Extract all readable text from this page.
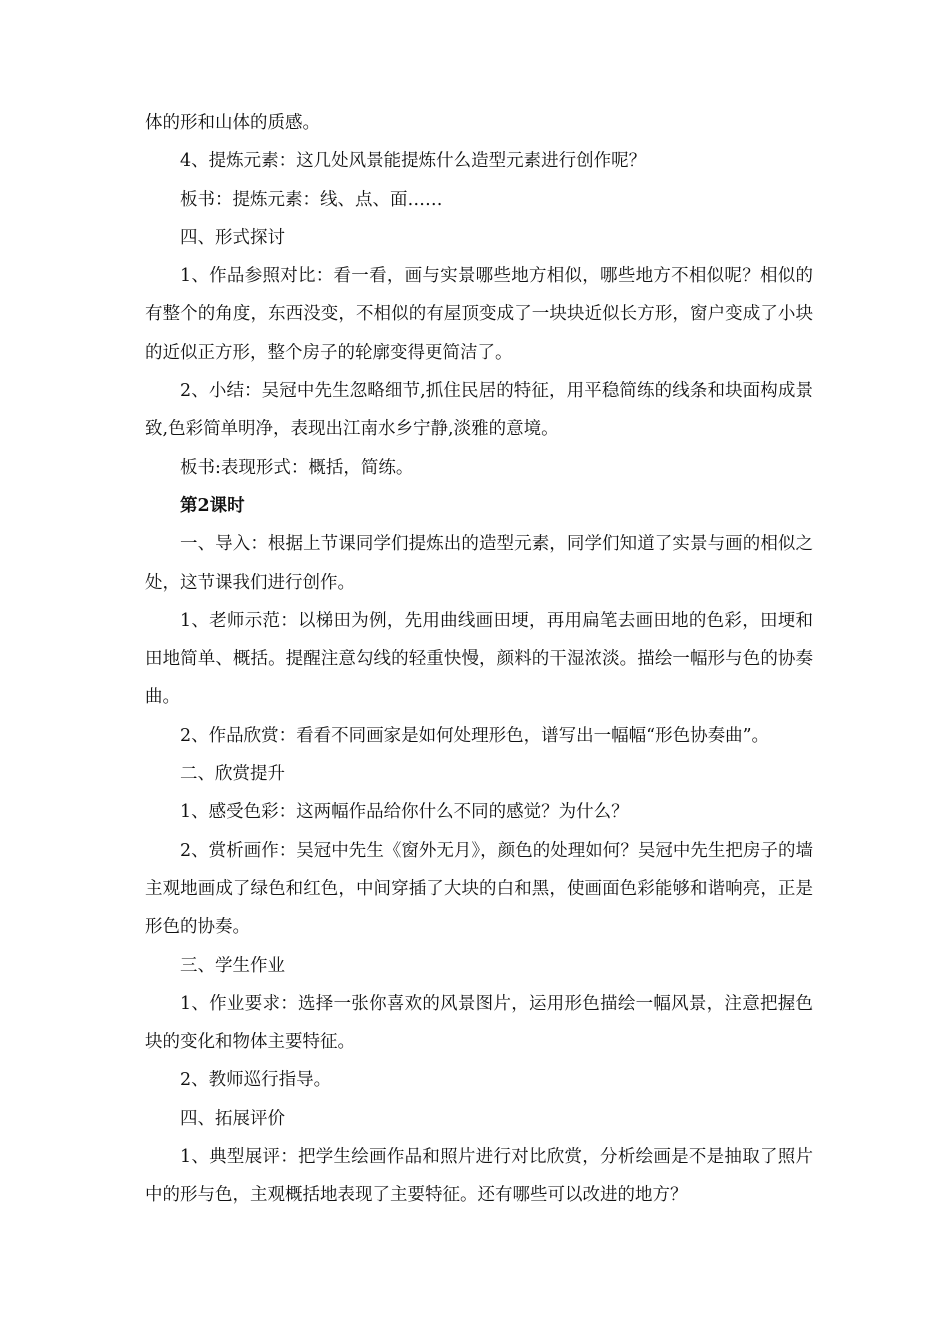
体的形和山体的质感。

4、提炼元素：这几处风景能提炼什么造型元素进行创作呢？

板书：提炼元素：线、点、面……

四、形式探讨

1、作品参照对比：看一看，画与实景哪些地方相似，哪些地方不相似呢？相似的有整个的角度，东西没变，不相似的有屋顶变成了一块块近似长方形，窗户变成了小块的近似正方形，整个房子的轮廓变得更简洁了。

2、小结：吴冠中先生忽略细节,抓住民居的特征，用平稳简练的线条和块面构成景致,色彩简单明净，表现出江南水乡宁静,淡雅的意境。

板书:表现形式：概括，简练。

第2课时

一、导入：根据上节课同学们提炼出的造型元素，同学们知道了实景与画的相似之处，这节课我们进行创作。

1、老师示范：以梯田为例，先用曲线画田埂，再用扁笔去画田地的色彩，田埂和田地简单、概括。提醒注意勾线的轻重快慢，颜料的干湿浓淡。描绘一幅形与色的协奏曲。

2、作品欣赏：看看不同画家是如何处理形色，谱写出一幅幅“形色协奏曲”。

二、欣赏提升

1、感受色彩：这两幅作品给你什么不同的感觉？为什么？

2、赏析画作：吴冠中先生《窗外无月》，颜色的处理如何？吴冠中先生把房子的墙主观地画成了绿色和红色，中间穿插了大块的白和黑，使画面色彩能够和谐响亮，正是形色的协奏。

三、学生作业

1、作业要求：选择一张你喜欢的风景图片，运用形色描绘一幅风景，注意把握色块的变化和物体主要特征。

2、教师巡行指导。

四、拓展评价

1、典型展评：把学生绘画作品和照片进行对比欣赏，分析绘画是不是抽取了照片中的形与色，主观概括地表现了主要特征。还有哪些可以改进的地方？
